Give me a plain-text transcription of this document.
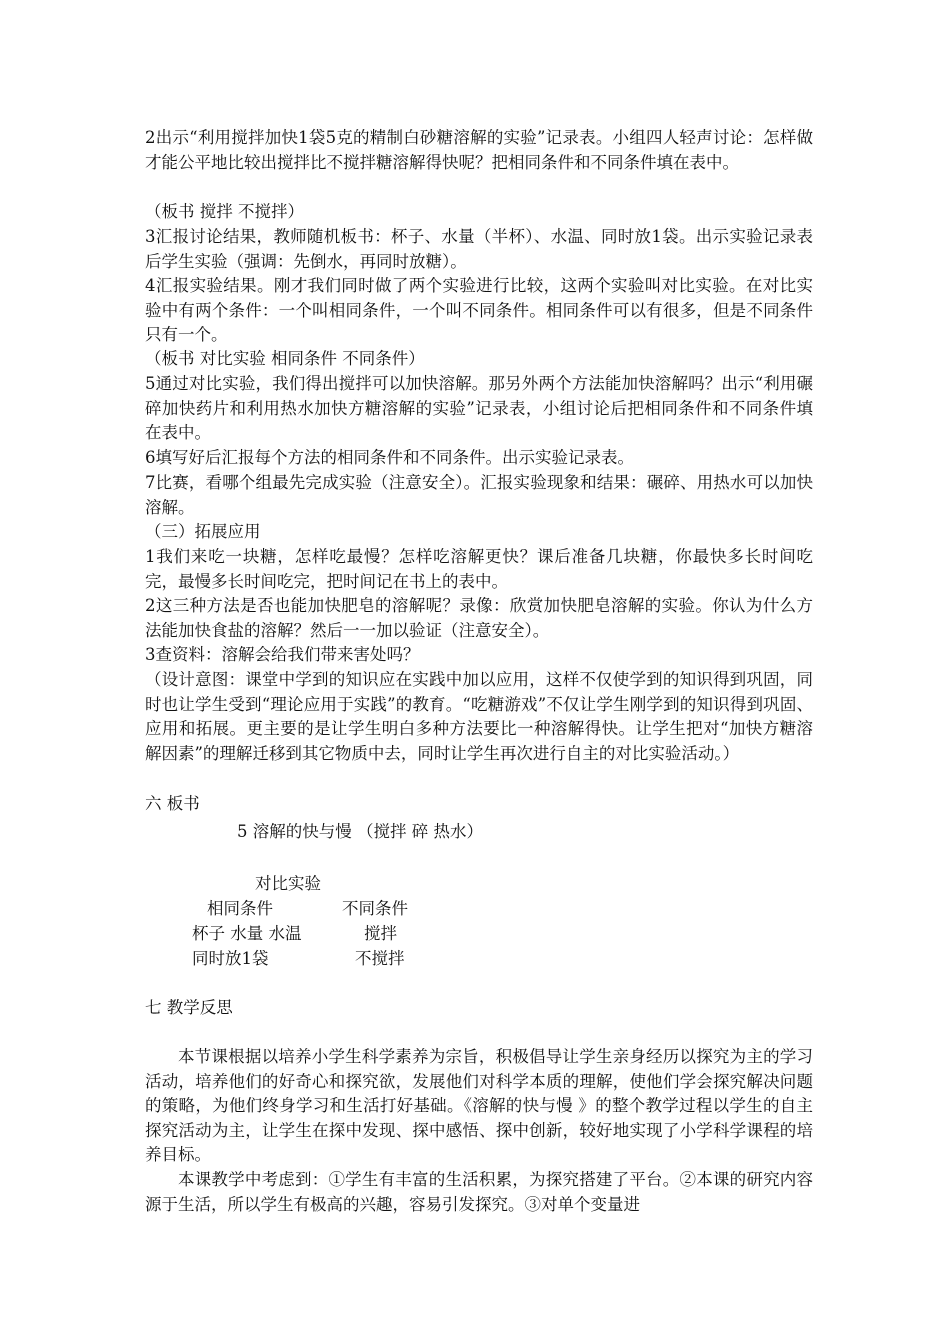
2出示“利用搅拌加快1袋5克的精制白砂糖溶解的实验”记录表。小组四人轻声讨论：怎样做才能公平地比较出搅拌比不搅拌糖溶解得快呢？把相同条件和不同条件填在表中。
（板书 搅拌 不搅拌）
3汇报讨论结果，教师随机板书：杯子、水量（半杯）、水温、同时放1袋。出示实验记录表后学生实验（强调：先倒水，再同时放糖）。
4汇报实验结果。刚才我们同时做了两个实验进行比较，这两个实验叫对比实验。在对比实验中有两个条件：一个叫相同条件，一个叫不同条件。相同条件可以有很多，但是不同条件只有一个。
（板书 对比实验 相同条件 不同条件）
5通过对比实验，我们得出搅拌可以加快溶解。那另外两个方法能加快溶解吗？出示“利用碾碎加快药片和利用热水加快方糖溶解的实验”记录表，小组讨论后把相同条件和不同条件填在表中。
6填写好后汇报每个方法的相同条件和不同条件。出示实验记录表。
7比赛，看哪个组最先完成实验（注意安全）。汇报实验现象和结果：碾碎、用热水可以加快溶解。
（三）拓展应用
1我们来吃一块糖，怎样吃最慢？怎样吃溶解更快？课后准备几块糖，你最快多长时间吃完，最慢多长时间吃完，把时间记在书上的表中。
2这三种方法是否也能加快肥皂的溶解呢？录像：欣赏加快肥皂溶解的实验。你认为什么方法能加快食盐的溶解？然后一一加以验证（注意安全）。
3查资料：溶解会给我们带来害处吗？
（设计意图：课堂中学到的知识应在实践中加以应用，这样不仅使学到的知识得到巩固，同时也让学生受到“理论应用于实践”的教育。“吃糖游戏”不仅让学生刚学到的知识得到巩固、应用和拓展。更主要的是让学生明白多种方法要比一种溶解得快。让学生把对“加快方糖溶解因素”的理解迁移到其它物质中去，同时让学生再次进行自主的对比实验活动。）
六 板书
5 溶解的快与慢 （搅拌 碎 热水）
对比实验
相同条件	不同条件
杯子 水量 水温	搅拌
同时放1袋	不搅拌
七 教学反思
本节课根据以培养小学生科学素养为宗旨，积极倡导让学生亲身经历以探究为主的学习活动，培养他们的好奇心和探究欲，发展他们对科学本质的理解，使他们学会探究解决问题的策略，为他们终身学习和生活打好基础。《溶解的快与慢 》的整个教学过程以学生的自主探究活动为主，让学生在探中发现、探中感悟、探中创新，较好地实现了小学科学课程的培养目标。
本课教学中考虑到：①学生有丰富的生活积累，为探究搭建了平台。②本课的研究内容源于生活，所以学生有极高的兴趣，容易引发探究。③对单个变量进
